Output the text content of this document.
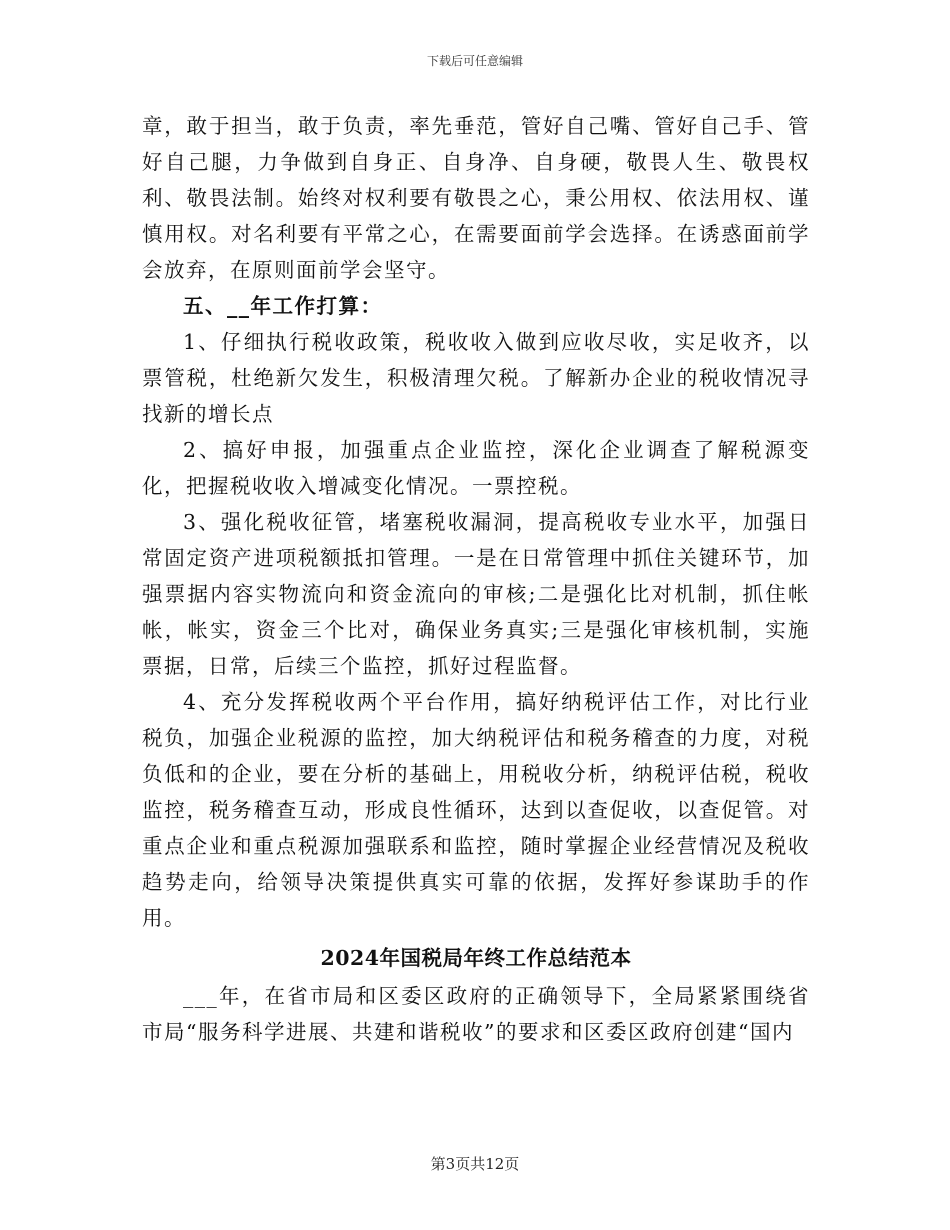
下载后可任意编辑

章，敢于担当，敢于负责，率先垂范，管好自己嘴、管好自己手、管好自己腿，力争做到自身正、自身净、自身硬，敬畏人生、敬畏权利、敬畏法制。始终对权利要有敬畏之心，秉公用权、依法用权、谨慎用权。对名利要有平常之心，在需要面前学会选择。在诱惑面前学会放弃，在原则面前学会坚守。

五、__年工作打算：

1、仔细执行税收政策，税收收入做到应收尽收，实足收齐，以票管税，杜绝新欠发生，积极清理欠税。了解新办企业的税收情况寻找新的增长点

2、搞好申报，加强重点企业监控，深化企业调查了解税源变化，把握税收收入增减变化情况。一票控税。

3、强化税收征管，堵塞税收漏洞，提高税收专业水平，加强日常固定资产进项税额抵扣管理。一是在日常管理中抓住关键环节，加强票据内容实物流向和资金流向的审核;二是强化比对机制，抓住帐帐，帐实，资金三个比对，确保业务真实;三是强化审核机制，实施票据，日常，后续三个监控，抓好过程监督。

4、充分发挥税收两个平台作用，搞好纳税评估工作，对比行业税负，加强企业税源的监控，加大纳税评估和税务稽查的力度，对税负低和的企业，要在分析的基础上，用税收分析，纳税评估税，税收监控，税务稽查互动，形成良性循环，达到以查促收，以查促管。对重点企业和重点税源加强联系和监控，随时掌握企业经营情况及税收趋势走向，给领导决策提供真实可靠的依据，发挥好参谋助手的作用。

2024年国税局年终工作总结范本

___年，在省市局和区委区政府的正确领导下，全局紧紧围绕省市局“服务科学进展、共建和谐税收”的要求和区委区政府创建“国内

第3页共12页
